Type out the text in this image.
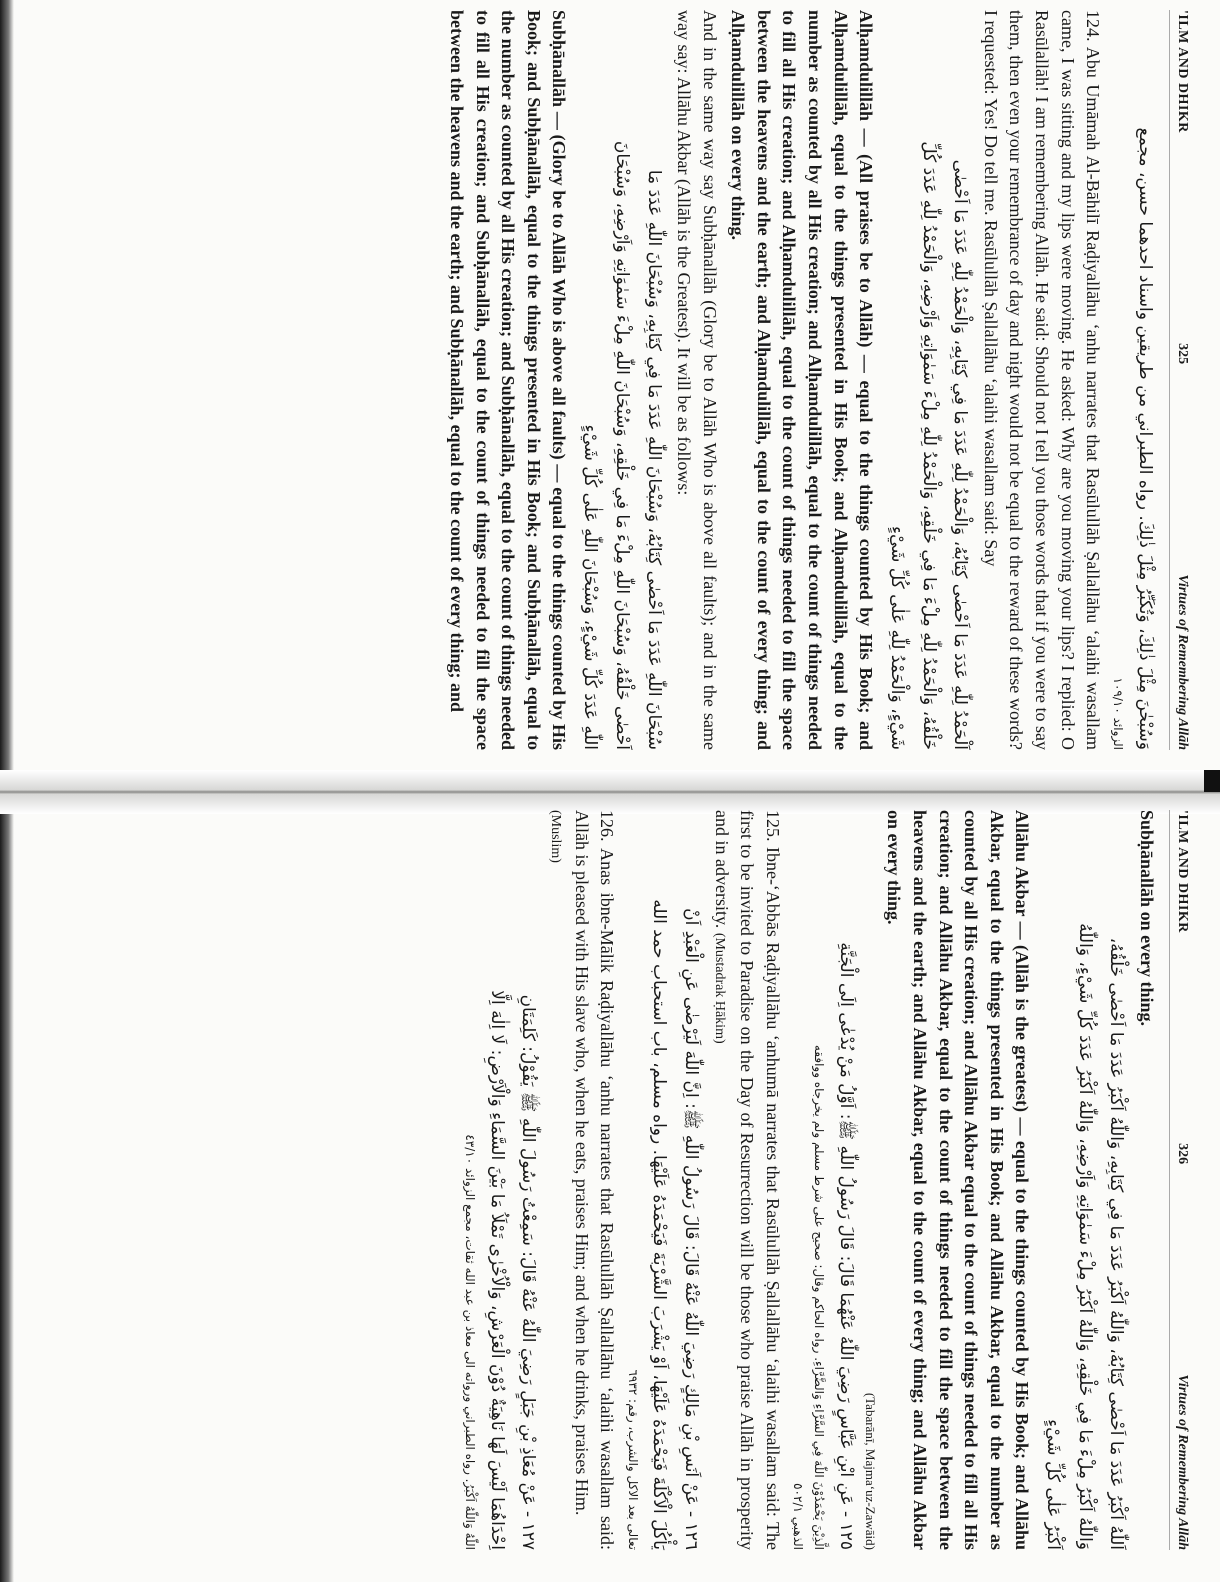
'ILM AND DHIKR
325
Virtues of Remembering Allāh

وَسُبْحٰنَ مِثْلَ ذٰلِكَ، وَتُكَبِّرُ مِثْلَ ذٰلِكَ. رواه الطبراني من طريقين واسناد احدهما حسن، مجمع

الزوائد ١٠٩/١٠

124. Abu Umāmah Al-Bāhilī Raḍiyallāhu ‘anhu narrates that Rasūlullāh Ṣallallāhu ‘alaihi wasallam came, I was sitting and my lips were moving. He asked: Why are you moving your lips? I replied: O Rasūlallāh! I am remembering Allāh. He said: Should not I tell you those words that if you were to say them, then even your remembrance of day and night would not be equal to the reward of these words? I requested: Yes! Do tell me. Rasūlullāh Ṣallallāhu ‘alaihi wasallam said: Say

اَلْحَمْدُ لِلّٰهِ عَدَدَ مَا اَحْصٰى كِتَابُهُ، وَالْحَمْدُ لِلّٰهِ عَدَدَ مَا فِي كِتَابِهِ، وَالْحَمْدُ لِلّٰهِ عَدَدَ مَا اَحْصٰى

خَلْقُهُ، وَالْحَمْدُ لِلّٰهِ مِلْءَ مَا فِي خَلْقِهِ، وَالْحَمْدُ لِلّٰهِ مِلْءَ سَمٰوَاتِهِ وَاَرْضِهِ، وَالْحَمْدُ لِلّٰهِ عَدَدَ كُلِّ

شَيْءٍ، وَالْحَمْدُ لِلّٰهِ عَلٰى كُلِّ شَيْءٍ

Alḥamdulillāh — (All praises be to Allāh) — equal to the things counted by His Book; and Alḥamdulillāh, equal to the things presented in His Book; and Alḥamdulillāh, equal to the number as counted by all His creation; and Alḥamdulillāh, equal to the count of things needed to fill all His creation; and Alḥamdulillāh, equal to the count of things needed to fill the space between the heavens and the earth; and Alḥamdulillāh, equal to the count of every thing; and Alḥamdulillāh on every thing.

And in the same way say Subḥānallāh (Glory be to Allāh Who is above all faults); and in the same way say: Allāhu Akbar (Allāh is the Greatest). It will be as follows:

سُبْحَانَ اللّٰهِ عَدَدَ مَا اَحْصٰى كِتَابُهُ، وَسُبْحَانَ اللّٰهِ عَدَدَ مَا فِي كِتَابِهِ، وَسُبْحَانَ اللّٰهِ عَدَدَ مَا

اَحْصٰى خَلْقُهُ، وَسُبْحَانَ اللّٰهِ مِلْءَ مَا فِي خَلْقِهِ، وَسُبْحَانَ اللّٰهِ مِلْءَ سَمٰوَاتِهِ وَاَرْضِهِ، وَسُبْحَانَ

اللّٰهِ عَدَدَ كُلِّ شَيْءٍ، وَسُبْحَانَ اللّٰهِ عَلٰى كُلِّ شَيْءٍ

Subḥānallāh — (Glory be to Allāh Who is above all faults) — equal to the things counted by His Book; and Subḥānallāh, equal to the things presented in His Book; and Subḥānallāh, equal to the number as counted by all His creation; and Subḥānallāh, equal to the count of things needed to fill all His creation; and Subḥānallāh, equal to the count of things needed to fill the space between the heavens and the earth; and Subḥānallāh, equal to the count of every thing; and

'ILM AND DHIKR
326
Virtues of Remembering Allāh

Subḥānallāh on every thing.

اَللّٰهُ اَكْبَرُ عَدَدَ مَا اَحْصٰى كِتَابُهُ، وَاللّٰهُ اَكْبَرُ عَدَدَ مَا فِي كِتَابِهِ، وَاللّٰهُ اَكْبَرُ عَدَدَ مَا اَحْصٰى خَلْقُهُ،

وَاللّٰهُ اَكْبَرُ مِلْءَ مَا فِي خَلْقِهِ، وَاللّٰهُ اَكْبَرُ مِلْءَ سَمٰوَاتِهِ وَاَرْضِهِ، وَاللّٰهُ اَكْبَرُ عَدَدَ كُلِّ شَيْءٍ، وَاللّٰهُ

اَكْبَرُ عَلٰى كُلِّ شَيْءٍ

Allāhu Akbar — (Allāh is the greatest) — equal to the things counted by His Book; and Allāhu Akbar, equal to the things presented in His Book; and Allāhu Akbar, equal to the number as counted by all His creation; and Allāhu Akbar equal to the count of things needed to fill all His creation; and Allāhu Akbar, equal to the count of things needed to fill the space between the heavens and the earth; and Allāhu Akbar, equal to the count of every thing; and Allāhu Akbar on every thing.

(Tabarānī, Majma‘uz-Zawāid)

١٢٥ - عَنِ ابْنِ عَبَّاسٍ رَضِيَ اللّٰهُ عَنْهُمَا قَالَ: قَالَ رَسُولُ اللّٰهِ ﷺ: اَوَّلُ مَنْ يُدْعٰى اِلَى الْجَنَّةِ

الَّذِيْنَ يَحْمَدُوْنَ اللّٰهَ فِي السَّرَّاءِ وَالضَّرَّاءِ. رواه الحاكم وقال: صحيح على شرط مسلم ولم يخرجاه ووافقه

الذهبي ٥٠٢/١

125. Ibne-‘Abbās Raḍiyallāhu ‘anhumā narrates that Rasūlullāh Ṣallallāhu ‘alaihi wasallam said: The first to be invited to Paradise on the Day of Resurrection will be those who praise Allāh in prosperity and in adversity. (Mustadrak Ḥākim)

١٢٦ - عَنْ اَنَسِ بْنِ مَالِكٍ رَضِيَ اللّٰهُ عَنْهُ قَالَ: قَالَ رَسُولُ اللّٰهِ ﷺ: اِنَّ اللّٰهَ لَيَرْضٰى عَنِ الْعَبْدِ اَنْ

يَأْكُلَ الْاَكْلَةَ فَيَحْمَدَهُ عَلَيْهَا، اَوْ يَشْرَبَ الشَّرْبَةَ فَيَحْمَدَهُ عَلَيْهَا. رواه مسلم، باب استحباب حمد الله

تعالى بعد الاكل والشرب، رقم: ٦٩٣٢

126. Anas ibne-Mālik Raḍiyallāhu ‘anhu narrates that Rasūlullāh Ṣallallāhu ‘alaihi wasallam said: Allāh is pleased with His slave who, when he eats, praises Him; and when he drinks, praises Him.

(Muslim)

١٢٧ - عَنْ مُعَاذِ بْنِ جَبَلٍ رَضِيَ اللّٰهُ عَنْهُ قَالَ: سَمِعْتُ رَسُولَ اللّٰهِ ﷺ يَقُوْلُ: كَلِمَتَانِ

اِحْدَاهُمَا لَيْسَ لَهَا نَاهِيَةٌ دُوْنَ الْعَرْشِ، وَالْاُخْرٰى تَمْلَاُ مَا بَيْنَ السَّمَاءِ وَالْاَرْضِ: لَا اِلٰهَ اِلَّا

اللّٰهُ وَاللّٰهُ اَكْبَرُ. رواه الطبراني ورواته الى معاذ بن عبد الله ثقات، مجمع الزوائد ٤٣/١٠
